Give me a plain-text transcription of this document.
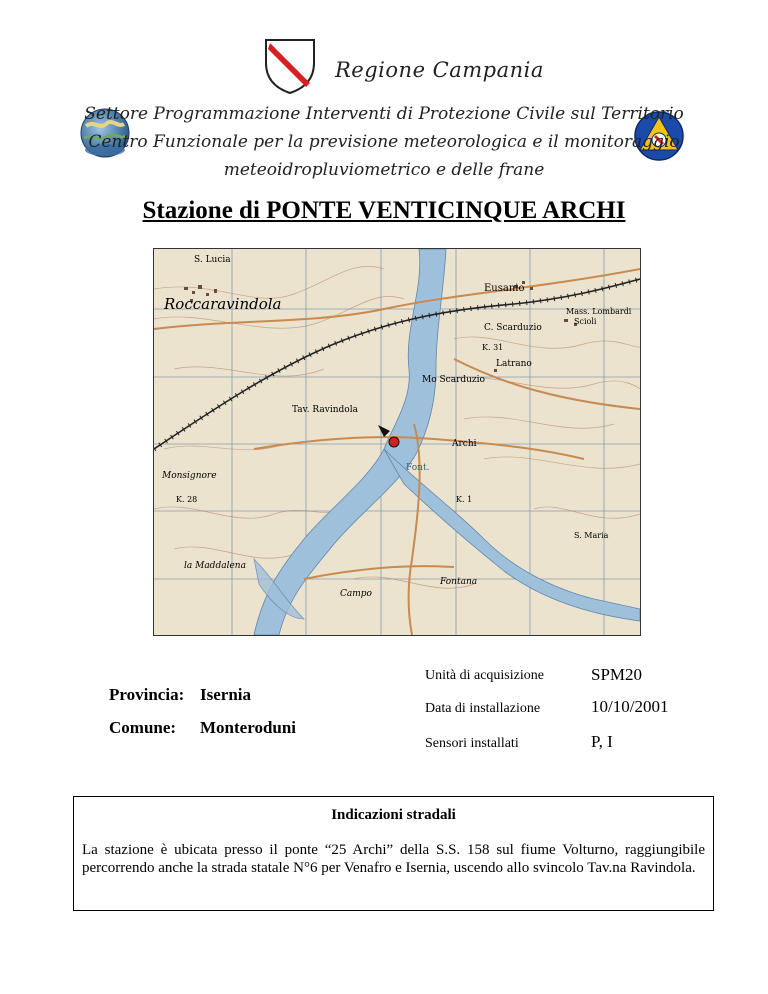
Regione Campania
Settore Programmazione Interventi di Protezione Civile sul Territorio
Centro Funzionale per la previsione meteorologica e il monitoraggio
meteoidropluviometrico e delle frane
Stazione di PONTE VENTICINQUE ARCHI
S. Lucia
Roccaravindola
Eusanio
C. Scarduzio
Mass. Lombardi
Scioli
Latrano
Mo Scarduzio
Tav. Ravindola
Archi
Font.
Monsignore
la Maddalena
Campo
Fontana
K. 31
K. 28	K. 1
S. Maria
Unità di acquisizione	SPM20
Data di installazione	10/10/2001
Sensori installati	P, I
Provincia: Isernia
Comune: Monteroduni
Indicazioni stradali
La stazione è ubicata presso il ponte “25 Archi” della S.S. 158 sul fiume Volturno, raggiungibile percorrendo anche la strada statale N°6 per Venafro e Isernia, uscendo allo svincolo Tav.na Ravindola.
